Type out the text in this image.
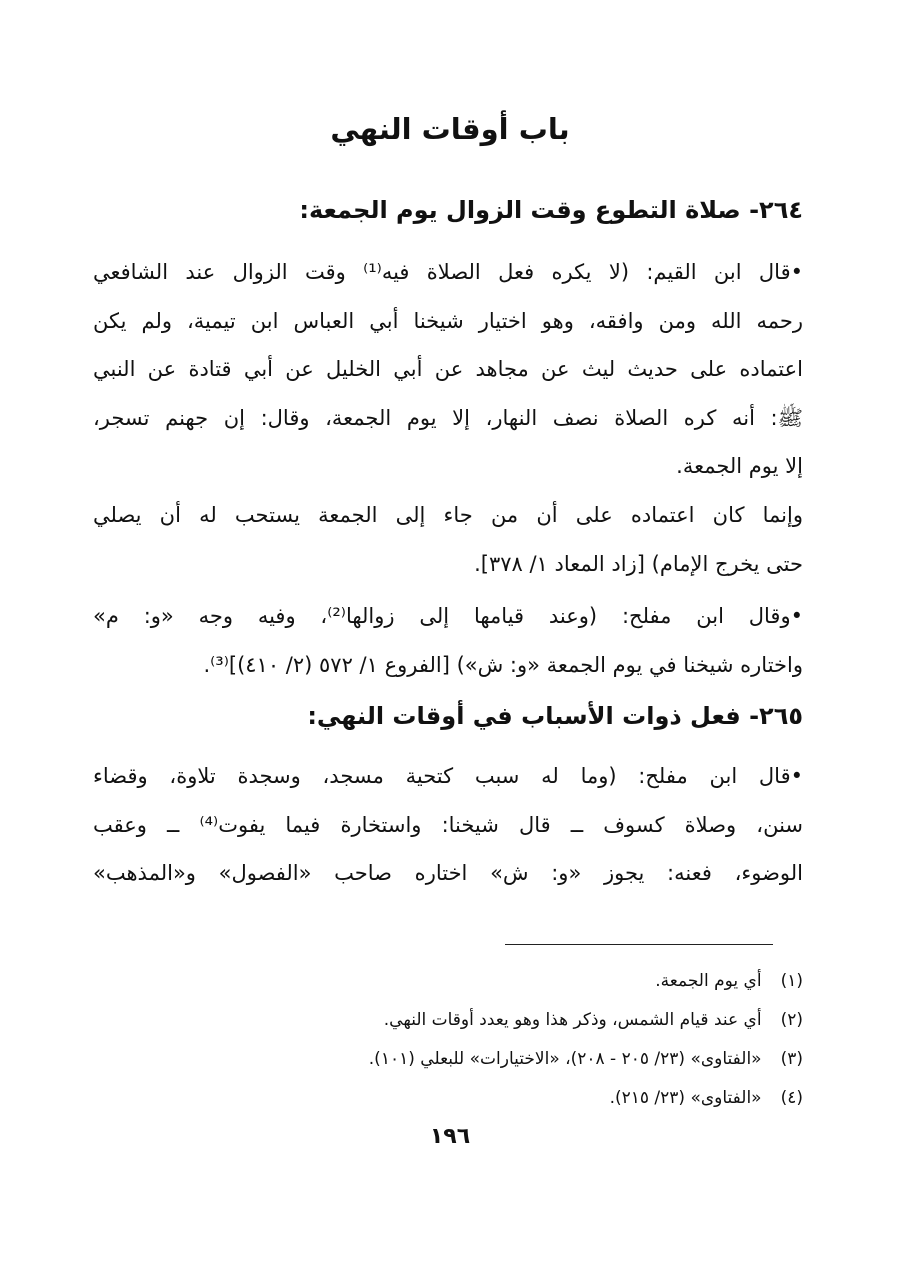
باب أوقات النهي
٢٦٤- صلاة التطوع وقت الزوال يوم الجمعة:
•قال ابن القيم: (لا يكره فعل الصلاة فيه⁽¹⁾ وقت الزوال عند الشافعي
رحمه الله ومن وافقه، وهو اختيار شيخنا أبي العباس ابن تيمية، ولم يكن
اعتماده على حديث ليث عن مجاهد عن أبي الخليل عن أبي قتادة عن النبي
ﷺ: أنه كره الصلاة نصف النهار، إلا يوم الجمعة، وقال: إن جهنم تسجر،
إلا يوم الجمعة.
وإنما كان اعتماده على أن من جاء إلى الجمعة يستحب له أن يصلي
حتى يخرج الإمام) [زاد المعاد ١/ ٣٧٨].
•وقال ابن مفلح: (وعند قيامها إلى زوالها⁽²⁾، وفيه وجه «و: م»
واختاره شيخنا في يوم الجمعة «و: ش») [الفروع ١/ ٥٧٢ (٢/ ٤١٠)]⁽³⁾.
٢٦٥- فعل ذوات الأسباب في أوقات النهي:
•قال ابن مفلح: (وما له سبب كتحية مسجد، وسجدة تلاوة، وقضاء
سنن، وصلاة كسوف ــ قال شيخنا: واستخارة فيما يفوت⁽⁴⁾ ــ وعقب
الوضوء، فعنه: يجوز «و: ش» اختاره صاحب «الفصول» و«المذهب»
(١) أي يوم الجمعة.
(٢) أي عند قيام الشمس، وذكر هذا وهو يعدد أوقات النهي.
(٣) «الفتاوى» (٢٣/ ٢٠٥ - ٢٠٨)، «الاختيارات» للبعلي (١٠١).
(٤) «الفتاوى» (٢٣/ ٢١٥).
١٩٦
